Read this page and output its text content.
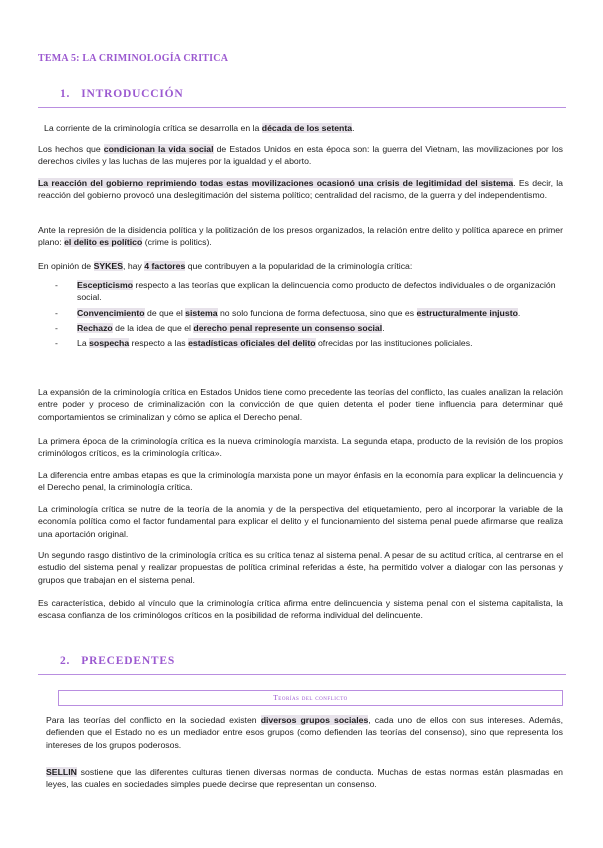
TEMA 5: LA CRIMINOLOGÍA CRITICA
1. INTRODUCCIÓN
La corriente de la criminología crítica se desarrolla en la década de los setenta.
Los hechos que condicionan la vida social de Estados Unidos en esta época son: la guerra del Vietnam, las movilizaciones por los derechos civiles y las luchas de las mujeres por la igualdad y el aborto.
La reacción del gobierno reprimiendo todas estas movilizaciones ocasionó una crisis de legitimidad del sistema. Es decir, la reacción del gobierno provocó una deslegitimación del sistema político; centralidad del racismo, de la guerra y del independentismo.
Ante la represión de la disidencia política y la politización de los presos organizados, la relación entre delito y política aparece en primer plano: el delito es político (crime is politics).
En opinión de SYKES, hay 4 factores que contribuyen a la popularidad de la criminología crítica:
- Escepticismo respecto a las teorías que explican la delincuencia como producto de defectos individuales o de organización social.
- Convencimiento de que el sistema no solo funciona de forma defectuosa, sino que es estructuralmente injusto.
- Rechazo de la idea de que el derecho penal represente un consenso social.
- La sospecha respecto a las estadísticas oficiales del delito ofrecidas por las instituciones policiales.
La expansión de la criminología crítica en Estados Unidos tiene como precedente las teorías del conflicto, las cuales analizan la relación entre poder y proceso de criminalización con la convicción de que quien detenta el poder tiene influencia para determinar qué comportamientos se criminalizan y cómo se aplica el Derecho penal.
La primera época de la criminología crítica es la nueva criminología marxista. La segunda etapa, producto de la revisión de los propios criminólogos críticos, es la criminología crítica».
La diferencia entre ambas etapas es que la criminología marxista pone un mayor énfasis en la economía para explicar la delincuencia y el Derecho penal, la criminología crítica.
La criminología crítica se nutre de la teoría de la anomia y de la perspectiva del etiquetamiento, pero al incorporar la variable de la economía política como el factor fundamental para explicar el delito y el funcionamiento del sistema penal puede afirmarse que realiza una aportación original.
Un segundo rasgo distintivo de la criminología crítica es su crítica tenaz al sistema penal. A pesar de su actitud crítica, al centrarse en el estudio del sistema penal y realizar propuestas de política criminal referidas a éste, ha permitido volver a dialogar con las personas y grupos que trabajan en el sistema penal.
Es característica, debido al vínculo que la criminología crítica afirma entre delincuencia y sistema penal con el sistema capitalista, la escasa confianza de los criminólogos críticos en la posibilidad de reforma individual del delincuente.
2. PRECEDENTES
Teorías del conflicto
Para las teorías del conflicto en la sociedad existen diversos grupos sociales, cada uno de ellos con sus intereses. Además, defienden que el Estado no es un mediador entre esos grupos (como defienden las teorías del consenso), sino que representa los intereses de los grupos poderosos.
SELLIN sostiene que las diferentes culturas tienen diversas normas de conducta. Muchas de estas normas están plasmadas en leyes, las cuales en sociedades simples puede decirse que representan un consenso.
